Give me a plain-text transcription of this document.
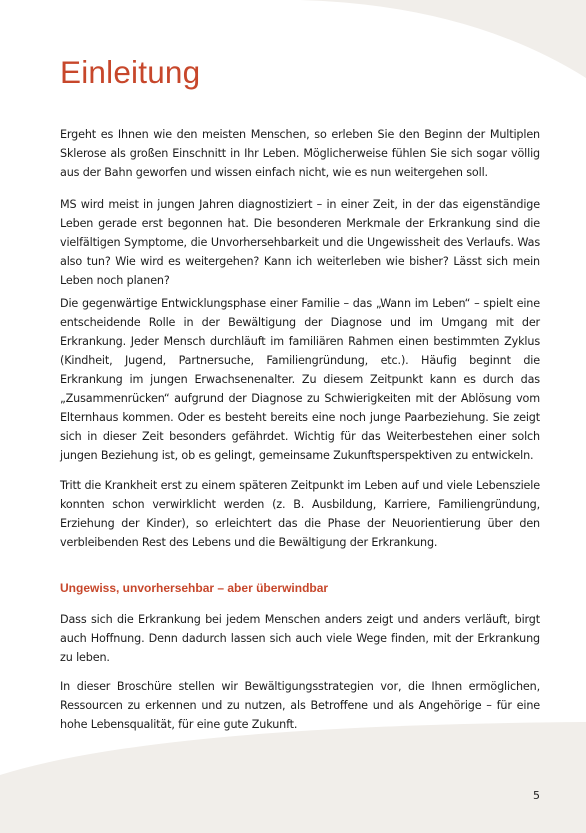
Einleitung

Ergeht es Ihnen wie den meisten Menschen, so erleben Sie den Beginn der Multiplen Sklerose als großen Einschnitt in Ihr Leben. Möglicherweise fühlen Sie sich sogar völlig aus der Bahn geworfen und wissen einfach nicht, wie es nun weitergehen soll.

MS wird meist in jungen Jahren diagnostiziert – in einer Zeit, in der das eigenständige Leben gerade erst begonnen hat. Die besonderen Merkmale der Erkrankung sind die vielfältigen Symptome, die Unvorhersehbarkeit und die Ungewissheit des Verlaufs. Was also tun? Wie wird es weitergehen? Kann ich weiterleben wie bisher? Lässt sich mein Leben noch planen?

Die gegenwärtige Entwicklungsphase einer Familie – das „Wann im Leben“ – spielt eine entscheidende Rolle in der Bewältigung der Diagnose und im Umgang mit der Erkrankung. Jeder Mensch durchläuft im familiären Rahmen einen bestimmten Zyklus (Kindheit, Jugend, Partnersuche, Familiengründung, etc.). Häufig beginnt die Erkrankung im jungen Erwachsenenalter. Zu diesem Zeitpunkt kann es durch das „Zusammenrücken“ aufgrund der Diagnose zu Schwierigkeiten mit der Ablösung vom Elternhaus kommen. Oder es besteht bereits eine noch junge Paarbeziehung. Sie zeigt sich in dieser Zeit besonders gefährdet. Wichtig für das Weiterbestehen einer solch jungen Beziehung ist, ob es gelingt, gemeinsame Zukunftsperspektiven zu entwickeln.

Tritt die Krankheit erst zu einem späteren Zeitpunkt im Leben auf und viele Lebensziele konnten schon verwirklicht werden (z. B. Ausbildung, Karriere, Familiengründung, Erziehung der Kinder), so erleichtert das die Phase der Neuorientierung über den verbleibenden Rest des Lebens und die Bewältigung der Erkrankung.

Ungewiss, unvorhersehbar – aber überwindbar

Dass sich die Erkrankung bei jedem Menschen anders zeigt und anders verläuft, birgt auch Hoffnung. Denn dadurch lassen sich auch viele Wege finden, mit der Erkrankung zu leben.

In dieser Broschüre stellen wir Bewältigungsstrategien vor, die Ihnen ermöglichen, Ressourcen zu erkennen und zu nutzen, als Betroffene und als Angehörige – für eine hohe Lebensqualität, für eine gute Zukunft.

5
